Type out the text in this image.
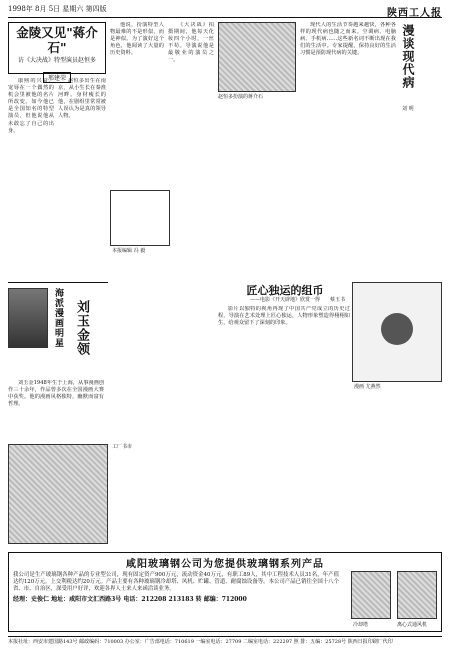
1998年 8月 5日 星期六 第四版	陕西工人报
金陵又见"蒋介石"
访《大决战》特型演员赵恒多
邢建荣

康熙的兴衰、宠辱在一个偶然的机会里被他的名片所改变。如今他已是全国知名的特型演员，但他说他从未敢忘了自己的出身。

赵恒多出生在南京，从小生长在秦淮河畔。身材瘦长的他，在剧组里常常被人误认为是真的领导人物。

他说，扮演特型人物最难的不是形似，而是神似。为了演好这个角色，他阅读了大量的历史资料。

《大决战》拍摄期间，他每天化妆四个小时，一丝不苟。导演说他是最敬业的演员之一。

赵恒多扮演的蒋介石
海派漫画明星 刘玉金领

刘玉金1948年生于上海，从事漫画创作三十余年，作品曾多次在全国漫画大赛中获奖。他的漫画风格独特，幽默而富有哲理。

本报编辑 冯 毅
漫谈现代病
刘 明

现代人的生活节奏越来越快，各种各样的现代病也随之而来。空调病、电脑病、手机病……这些新名词不断出现在我们的生活中。专家提醒，保持良好的生活习惯是预防现代病的关键。

匠心独运的组币
——电影《开天辟地》欣赏一得

影片以独特的视角再现了中国共产党成立的历史过程，导演在艺术处理上匠心独运，人物形象塑造得栩栩如生，给观众留下了深刻的印象。

蔡玉书
漫画 尤燕然
工厂书市
咸阳玻璃钢公司为您提供玻璃钢系列产品
我公司是生产玻璃钢各种产品的专业型公司，现有固定资产900万元，流动资金40万元，有职工89人，其中工程技术人员31名，年产值达约120万元。上交利税达约20万元。产品主要有各种玻璃钢冷却塔、风机、贮罐、管道、耐腐蚀设备等。本公司产品已销往全国十八个省、市、自治区，深受用户好评，欢迎各界人士来人来函洽谈业务。
经理：史俊仁 地址：咸阳市文汇西路3号 电话：212208 213183 转 邮编：712000
冷却塔	离心式通风机
本报社址：西安市建国路143号 邮政编码：710003 办公室：广告部电话：710619 一编室电话：27709 二编室电话：222297 照 排：五编：25728号 陕西日报印刷厂代印
